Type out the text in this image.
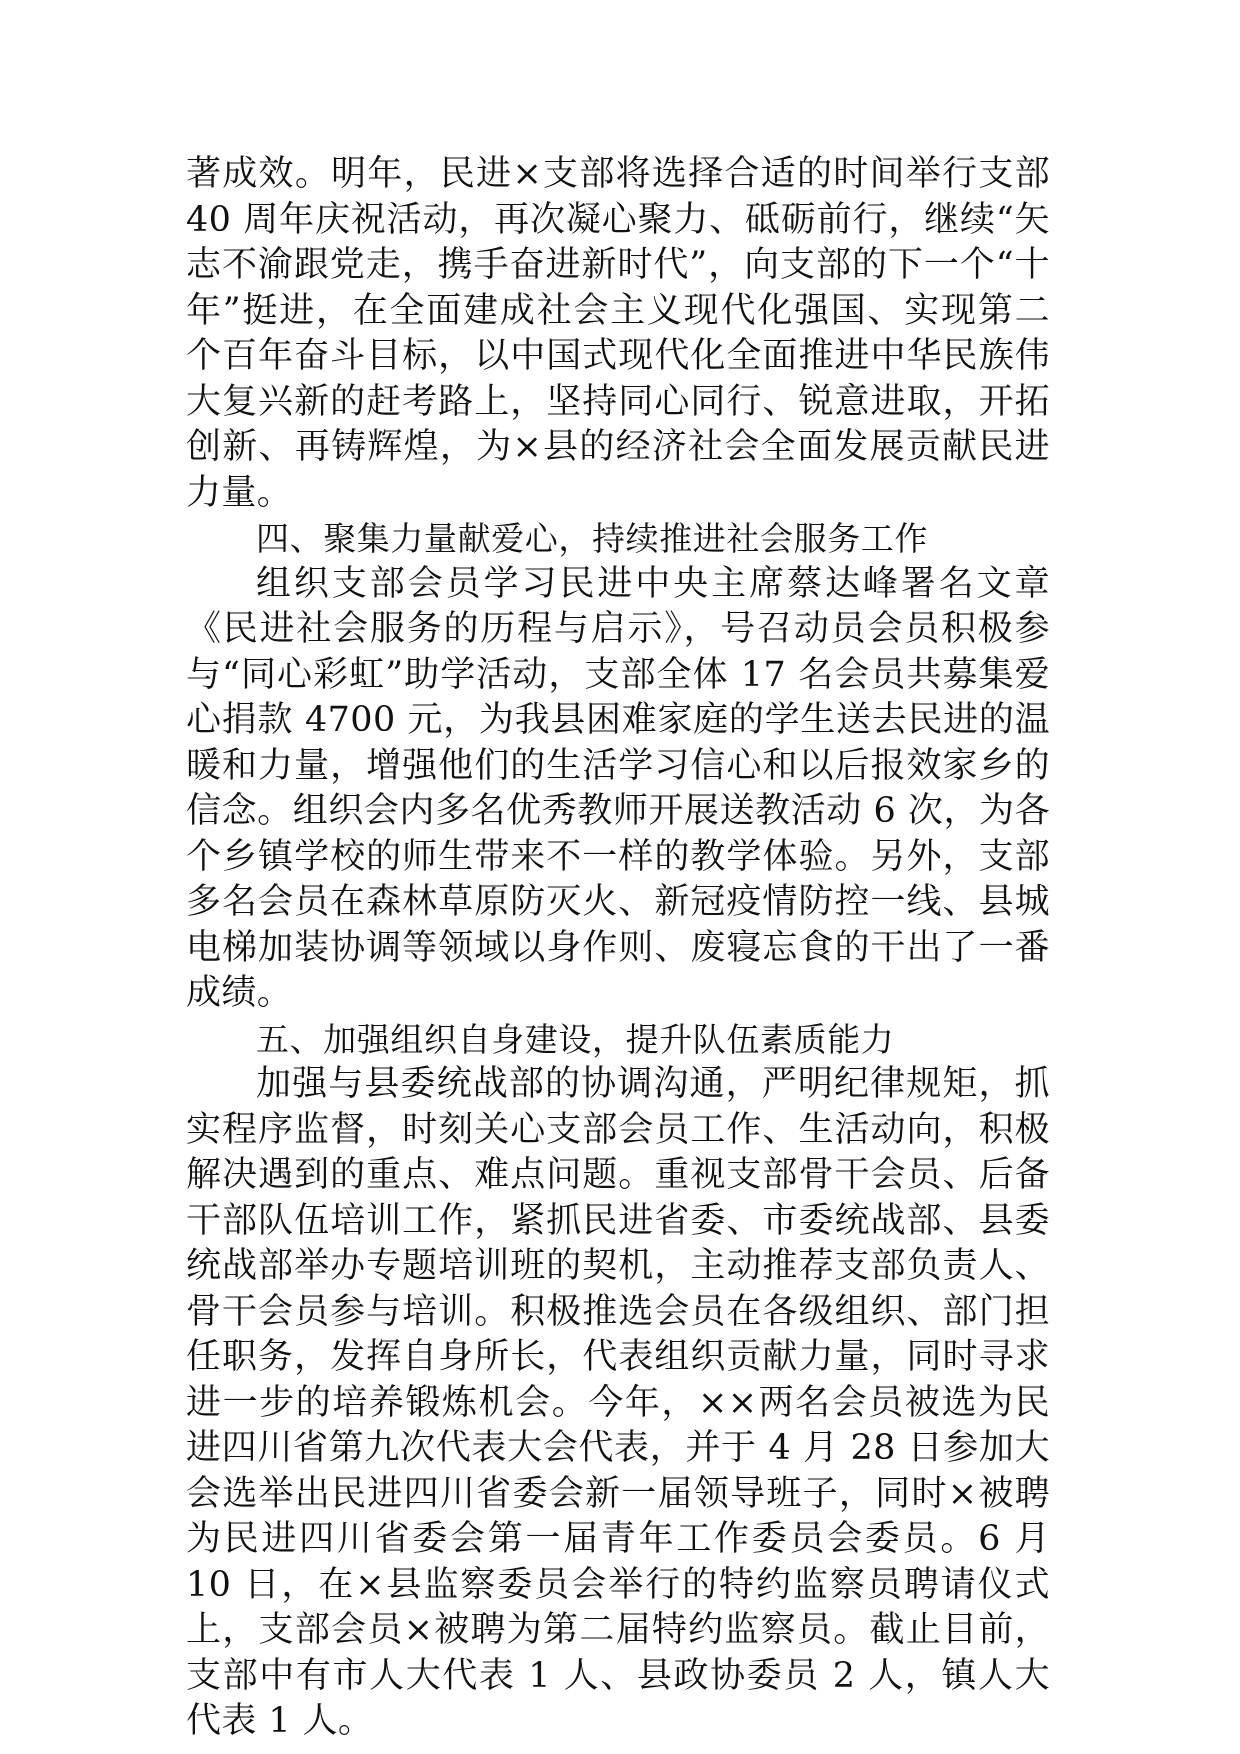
著成效。明年，民进×支部将选择合适的时间举行支部 40 周年庆祝活动，再次凝心聚力、砥砺前行，继续“矢志不渝跟党走，携手奋进新时代”，向支部的下一个“十年”挺进，在全面建成社会主义现代化强国、实现第二个百年奋斗目标，以中国式现代化全面推进中华民族伟大复兴新的赶考路上，坚持同心同行、锐意进取，开拓创新、再铸辉煌，为×县的经济社会全面发展贡献民进力量。

四、聚集力量献爱心，持续推进社会服务工作

组织支部会员学习民进中央主席蔡达峰署名文章《民进社会服务的历程与启示》，号召动员会员积极参与“同心彩虹”助学活动，支部全体 17 名会员共募集爱心捐款 4700 元，为我县困难家庭的学生送去民进的温暖和力量，增强他们的生活学习信心和以后报效家乡的信念。组织会内多名优秀教师开展送教活动 6 次，为各个乡镇学校的师生带来不一样的教学体验。另外，支部多名会员在森林草原防灭火、新冠疫情防控一线、县城电梯加装协调等领域以身作则、废寝忘食的干出了一番成绩。

五、加强组织自身建设，提升队伍素质能力

加强与县委统战部的协调沟通，严明纪律规矩，抓实程序监督，时刻关心支部会员工作、生活动向，积极解决遇到的重点、难点问题。重视支部骨干会员、后备干部队伍培训工作，紧抓民进省委、市委统战部、县委统战部举办专题培训班的契机，主动推荐支部负责人、骨干会员参与培训。积极推选会员在各级组织、部门担任职务，发挥自身所长，代表组织贡献力量，同时寻求进一步的培养锻炼机会。今年，××两名会员被选为民进四川省第九次代表大会代表，并于 4 月 28 日参加大会选举出民进四川省委会新一届领导班子，同时×被聘为民进四川省委会第一届青年工作委员会委员。6 月 10 日，在×县监察委员会举行的特约监察员聘请仪式上，支部会员×被聘为第二届特约监察员。截止目前，支部中有市人大代表 1 人、县政协委员 2 人，镇人大代表 1 人。
